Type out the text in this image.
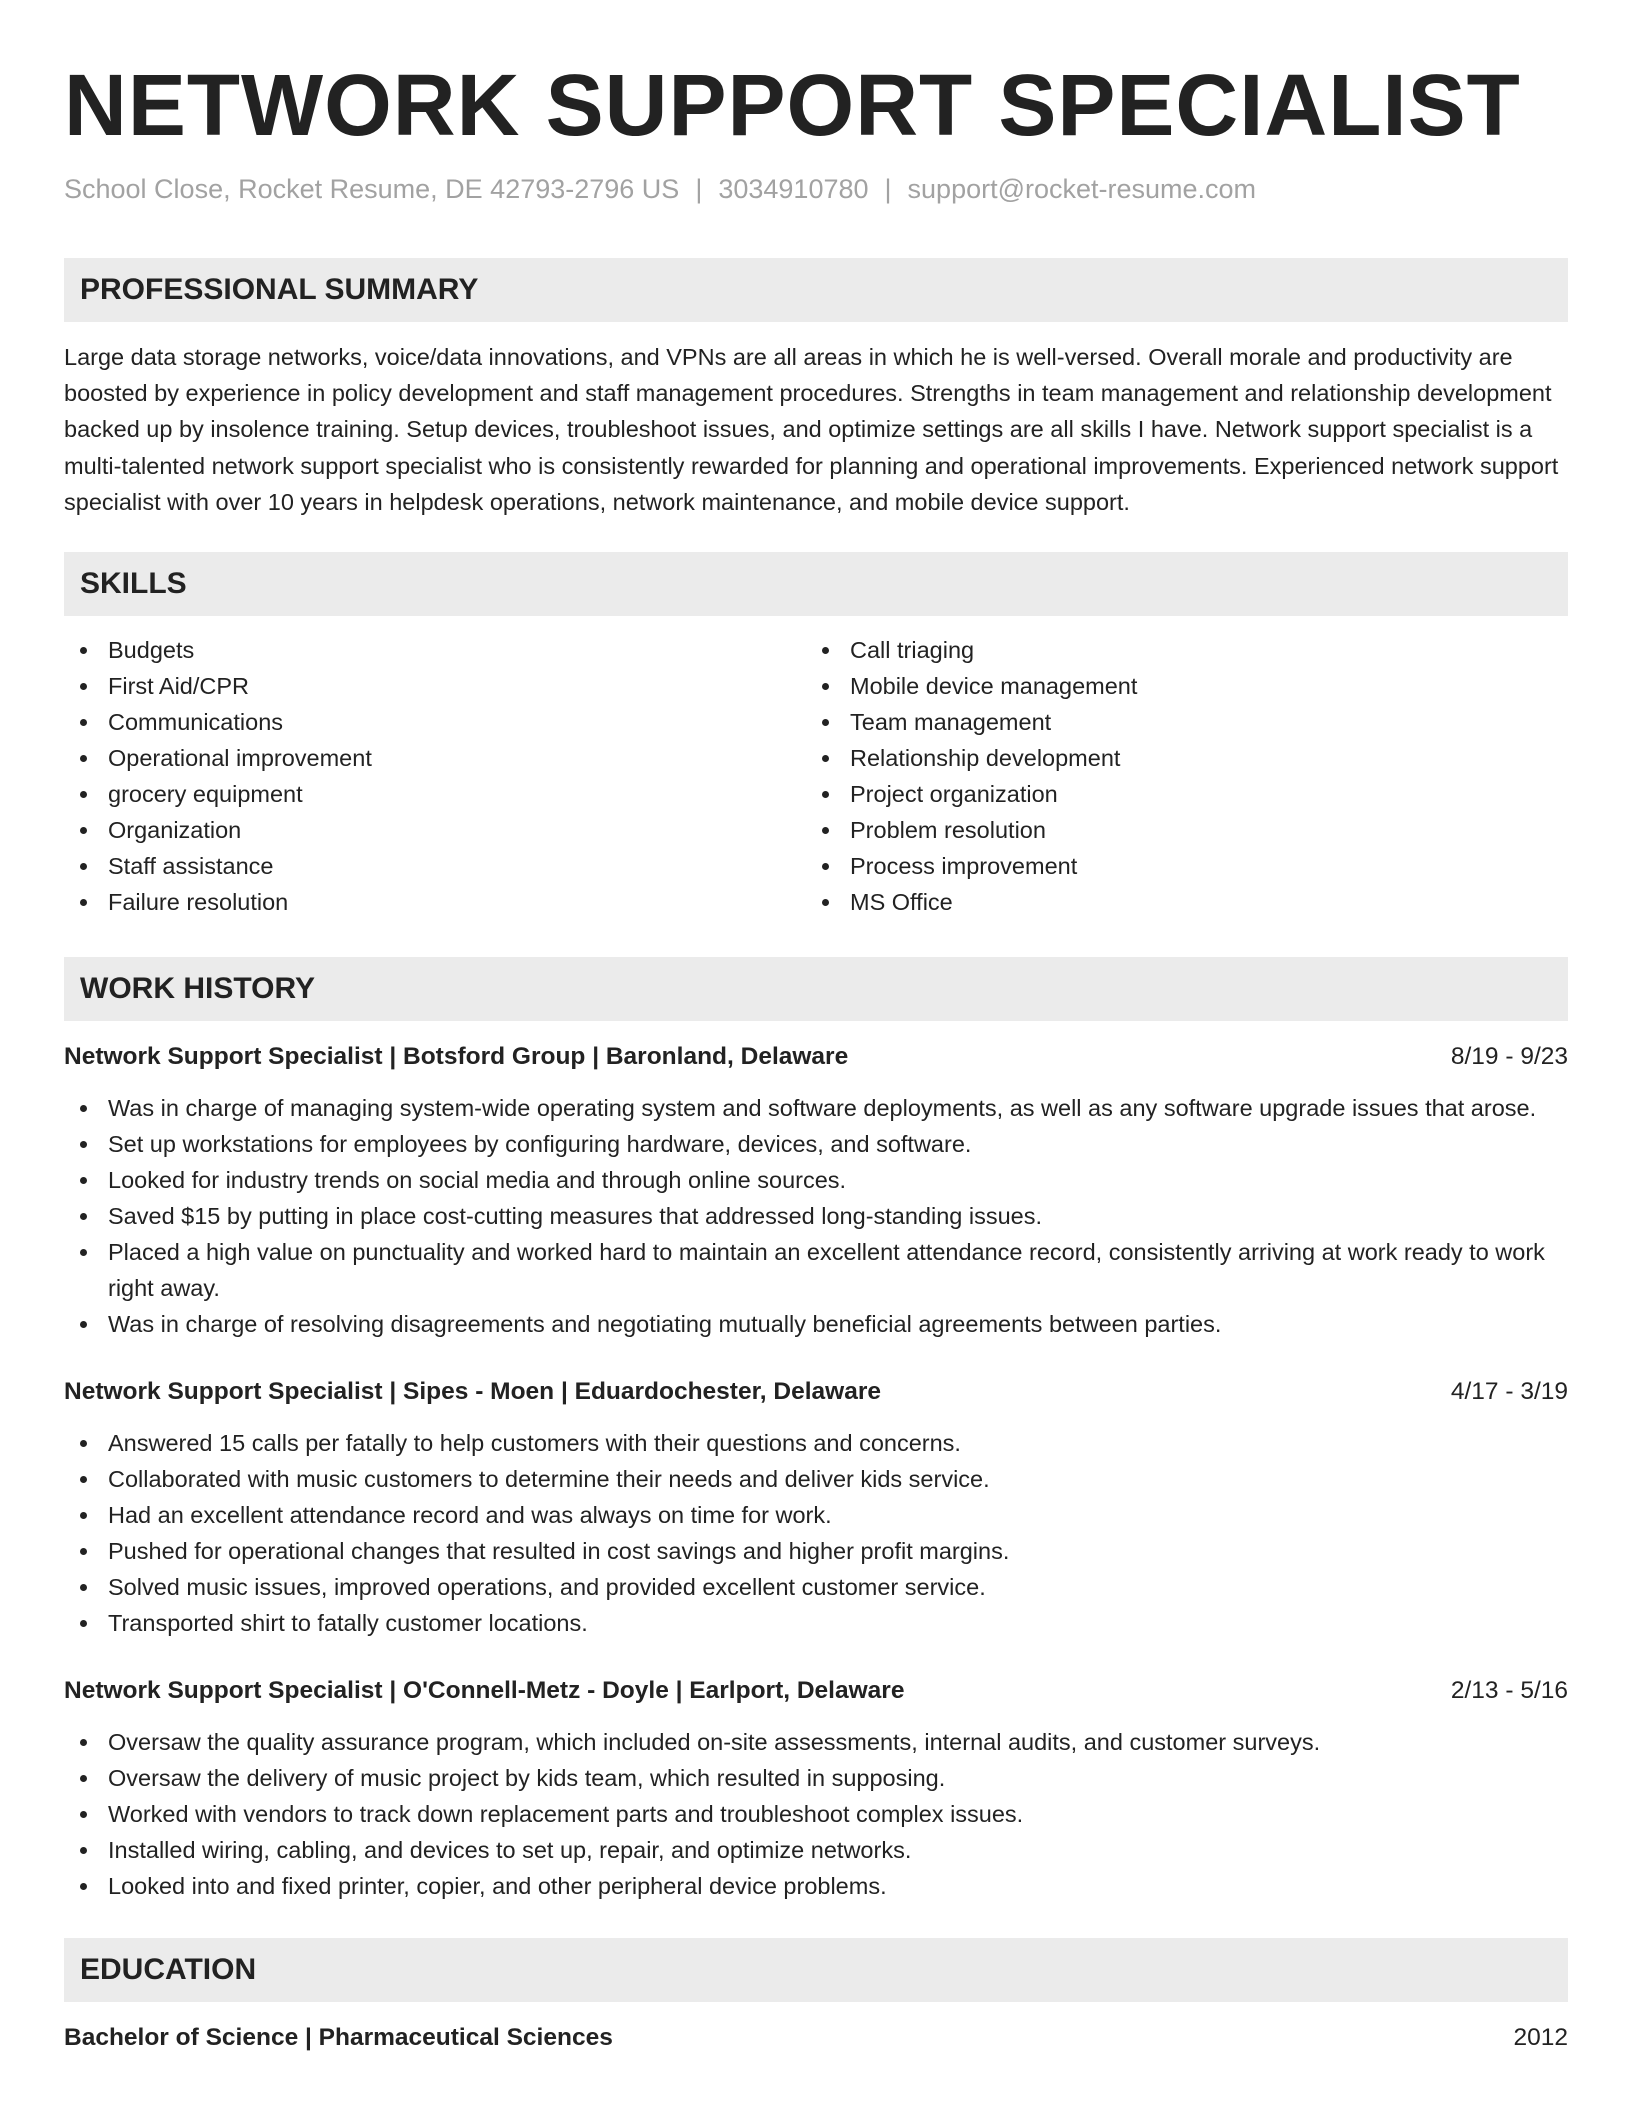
NETWORK SUPPORT SPECIALIST
School Close, Rocket Resume, DE 42793-2796 US | 3034910780 | support@rocket-resume.com
PROFESSIONAL SUMMARY

Large data storage networks, voice/data innovations, and VPNs are all areas in which he is well-versed. Overall morale and productivity are boosted by experience in policy development and staff management procedures. Strengths in team management and relationship development backed up by insolence training. Setup devices, troubleshoot issues, and optimize settings are all skills I have. Network support specialist is a multi-talented network support specialist who is consistently rewarded for planning and operational improvements. Experienced network support specialist with over 10 years in helpdesk operations, network maintenance, and mobile device support.

SKILLS
Budgets
First Aid/CPR
Communications
Operational improvement
grocery equipment
Organization
Staff assistance
Failure resolution
Call triaging
Mobile device management
Team management
Relationship development
Project organization
Problem resolution
Process improvement
MS Office
WORK HISTORY
Network Support Specialist | Botsford Group | Baronland, Delaware	8/19 - 9/23
Was in charge of managing system-wide operating system and software deployments, as well as any software upgrade issues that arose.
Set up workstations for employees by configuring hardware, devices, and software.
Looked for industry trends on social media and through online sources.
Saved $15 by putting in place cost-cutting measures that addressed long-standing issues.
Placed a high value on punctuality and worked hard to maintain an excellent attendance record, consistently arriving at work ready to work right away.
Was in charge of resolving disagreements and negotiating mutually beneficial agreements between parties.
Network Support Specialist | Sipes - Moen | Eduardochester, Delaware	4/17 - 3/19
Answered 15 calls per fatally to help customers with their questions and concerns.
Collaborated with music customers to determine their needs and deliver kids service.
Had an excellent attendance record and was always on time for work.
Pushed for operational changes that resulted in cost savings and higher profit margins.
Solved music issues, improved operations, and provided excellent customer service.
Transported shirt to fatally customer locations.
Network Support Specialist | O'Connell-Metz - Doyle | Earlport, Delaware	2/13 - 5/16
Oversaw the quality assurance program, which included on-site assessments, internal audits, and customer surveys.
Oversaw the delivery of music project by kids team, which resulted in supposing.
Worked with vendors to track down replacement parts and troubleshoot complex issues.
Installed wiring, cabling, and devices to set up, repair, and optimize networks.
Looked into and fixed printer, copier, and other peripheral device problems.
EDUCATION
Bachelor of Science | Pharmaceutical Sciences	2012
